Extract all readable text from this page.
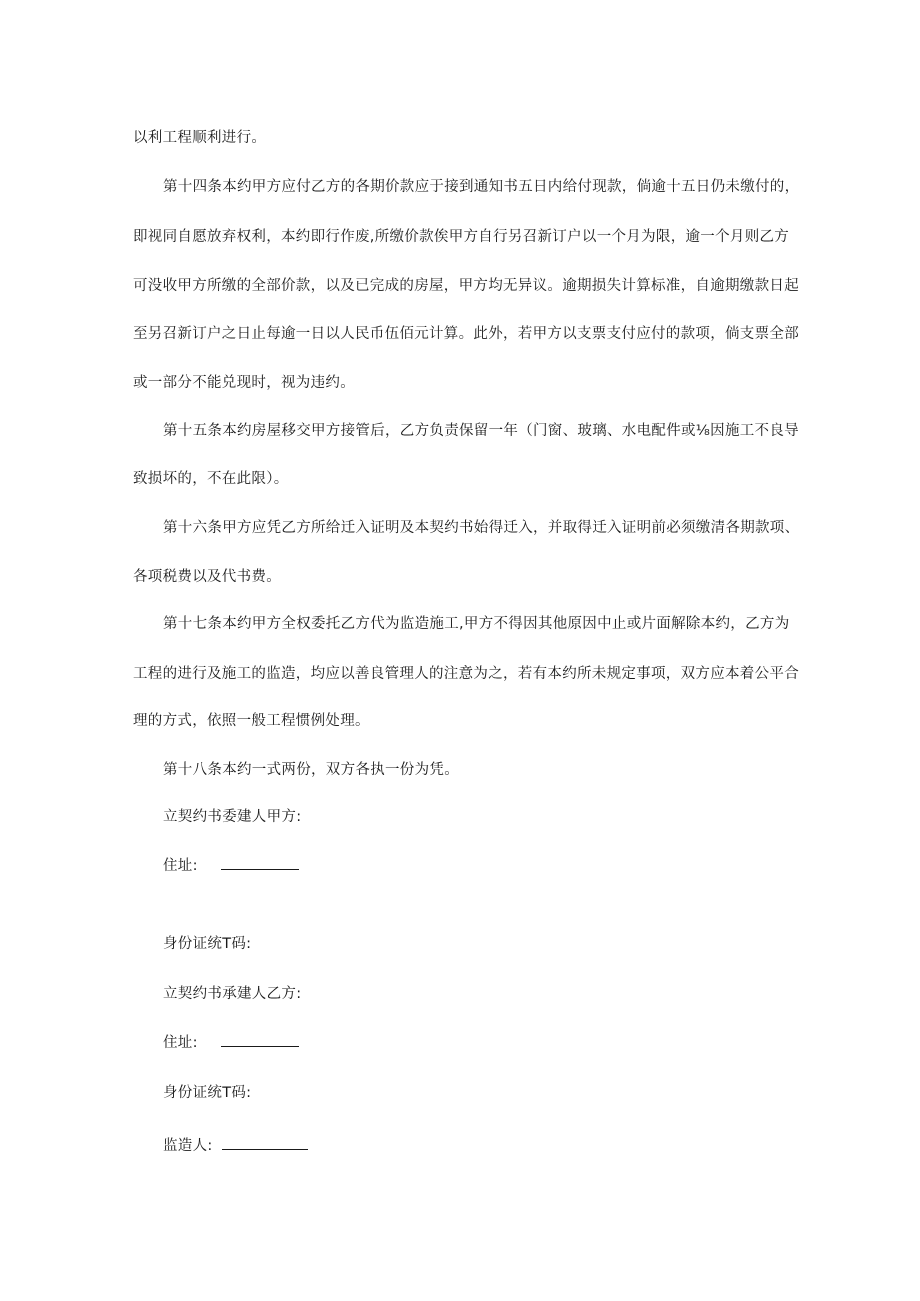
以利工程顺利进行。
第十四条本约甲方应付乙方的各期价款应于接到通知书五日内给付现款，倘逾十五日仍未缴付的，
即视同自愿放弃权利，本约即行作废,所缴价款俟甲方自行另召新订户以一个月为限，逾一个月则乙方
可没收甲方所缴的全部价款，以及已完成的房屋，甲方均无异议。逾期损失计算标准，自逾期缴款日起
至另召新订户之日止每逾一日以人民币伍佰元计算。此外，若甲方以支票支付应付的款项，倘支票全部
或一部分不能兑现时，视为违约。
第十五条本约房屋移交甲方接管后，乙方负责保留一年（门窗、玻璃、水电配件或⅛因施工不良导
致损坏的，不在此限）。
第十六条甲方应凭乙方所给迁入证明及本契约书始得迁入，并取得迁入证明前必须缴清各期款项、
各项税费以及代书费。
第十七条本约甲方全权委托乙方代为监造施工,甲方不得因其他原因中止或片面解除本约，乙方为
工程的进行及施工的监造，均应以善良管理人的注意为之，若有本约所未规定事项，双方应本着公平合
理的方式，依照一般工程惯例处理。
第十八条本约一式两份，双方各执一份为凭。
立契约书委建人甲方:
住址:
身份证统T码:
立契约书承建人乙方:
住址:
身份证统T码:
监造人:
